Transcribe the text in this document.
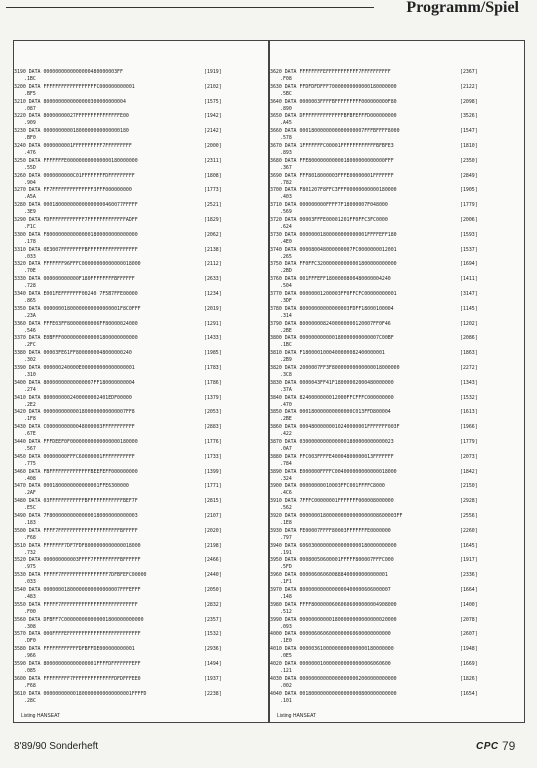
Programm/Spiel
Listing HANSEAT
3190 DATA 0000000000000000480000003FF	[1919]
.1BC
3200 DATA FFFFFFFFFFFFFFFFFFC000000000001	[2102]
.BF5
3210 DATA 8000000000000000300000000004	[1575]
.087
3220 DATA 80000000027FFFFFFFFFFFFFFFE00	[1942]
.909
3230 DATA 00000000001800000000000000180	[2142]
.BF0
3240 DATA 0000000001FFFFFFFFFF7FFFFFFFFF	[2000]
.476
3250 DATA FFFFFFFE000000000000000180000000	[2311]
.55D
3260 DATA 0000000000C01FFFFFFFFDFFFFFFFFF	[1808]
.904
3270 DATA FF7FFFFFFFFFFFFFF3FFF000000000	[1773]
.A5A
3280 DATA 000180000000000000000460077FFFFF	[2521]
.3E9
3290 DATA FDFFFFFFFFFFFF7FFFFFFFFFFFFFADFF	[1829]
.F1C
3300 DATA F8000000000000001800000000000000	[2062]
.178
3310 DATA 0E3007FFFFFFFFBFFFFFFFFFFFFFFFFF	[2138]
.033
3320 DATA FFFFFFF96FFFC00000000000000018000	[2112]
.70E
3330 DATA 000000000000F180FFFFFFFFBFFFFFF	[2633]
.728
3340 DATA E001FEFFFFFFF00240 7F5B7FFE00000	[1234]
.865
3350 DATA 00000001800000000000000001F8C0FFF	[2019]
.23A
3360 DATA FFFE03FF80000000006FF80000024000	[1291]
.546
3370 DATA E0BFFF00000000000001800000000000	[1433]
.2FC
3380 DATA 00003FE61FF8000000048000000240	[1985]
.302
3390 DATA 000000240000E000000000000000001	[1783]
.310
3400 DATA 80000000000000007FF180000000004	[1786]
.274
3410 DATA 8000000002400000002401EDF00000	[1379]
.2E2
3420 DATA 0000000000001800000000000007FF8	[2053]
.1F8
3430 DATA C0000000000048000003FFFFFFFFFFF	[2883]
.67E
3440 DATA FFFDEEF0F00000000000000000180000	[1776]
.567
3450 DATA 00000000FFFC60000001FFFFFFFFFFF	[1733]
.775
3460 DATA FBFFFFFFFFFFFFFFBEEFEFF000000000	[1399]
.408
3470 DATA 0001800000000000001FFE6300000	[1771]
.2AF
3480 DATA 03FFFFFFFFFFFFBFFFFFFFFFFFFBEF7F	[2815]
.E5C
3490 DATA 7F800000000000000180000000000003	[2107]
.183
3500 DATA FFFF7FFFFFFFFFFFFFFFFFFFFFBFFFFF	[2020]
.F68
3510 DATA FFFFFFF7DF7FDF8000000000000018000	[2198]
.732
3520 DATA 000000000003FFFF7FFFFFFFFFBFFFFFF	[2466]
.975
3530 DATA FFFFF7FFFFFFFFFFFFFFFF7DFBFEFC00000	[2440]
.033
3540 DATA 00000001800000000000000007FFFEFFF	[2050]
.483
3550 DATA FFFFF7FFFFFFFFFFFFFFFFFFFFFFFFFF	[2832]
.F00
3560 DATA DFBFF7C000000000000001800000000000	[2357]
.308
3570 DATA 000FFFFEFFFFFFFFFFFFFFFFFFFFFFFFF	[1532]
.DF0
3580 DATA FFFFFFFFFFFFDFBFFDE000000000001	[2936]
.966
3590 DATA 800000000000000001FFFFDFFFFFFFEFF	[1494]
.085
3600 DATA FFFFFFFFF7FFFFFFFFFFFFFFDFDFFFEE0	[1937]
.F68
3610 DATA 000000000001800000000000000001FFFFD	[2238]
.28C
Listing HANSEAT
3620 DATA FFFFFFFFEFFFFFFFFFFF7FFFFFFFFFF	[2367]
.F08
3630 DATA FFDFDFDFFF70000000000000180000000	[2122]
.5BC
3640 DATA 0000003FFFFBFFFFFFFFF000000000F80	[2098]
.890
3650 DATA DFFFFFFFFFFFFFFBFBFEFFFD000000000	[3526]
.A45
3660 DATA 0001800000000000000007FFFBFFFF8000	[1547]
.578
3670 DATA 1FFFFFFFC00001FFFFFFFFFFFFBFBFE3	[1810]
.893
3680 DATA FFE80000000000018000000000000FFF	[2350]
.367
3690 DATA FFF8018000003FFFE00000001FFFFFFF	[2849]
.782
3700 DATA F801207F8FFC3FFF00000000000180000	[1905]
.403
3710 DATA 000000000FFFF7F18000007F048000	[1779]
.569
3720 DATA 00003FFFE00001201FF0FFC3FC0000	[2006]
.624
3730 DATA 00000001800000000000001FFFFEFF180	[1593]
.4E0
3740 DATA 000080048000000007FC0000000012001	[1537]
.265
3750 DATA FF0FFC320000000000001800000000000	[1694]
.2BD
3760 DATA 001FFFEFF1800000800480000004240	[1411]
.504
3770 DATA 00000001200003FF0FFCFC00000000001	[3147]
.3DF
3780 DATA 80000000000000003FDFF18000100004	[1145]
.314
3790 DATA 8000000082400000000120007FF0F46	[1202]
.2BE
3800 DATA 000000000000180000000000007C00BF	[2086]
.1BC
3810 DATA F1800001000400000082400000001	[1863]
.2B9
3820 DATA 2000007FF3F80000000000000018000000	[2272]
.3C8
3830 DATA 0000043FF41F18000002000480000000	[1343]
.37A
3840 DATA 8240000000012000FFCFFFC000000000	[1532]
.470
3850 DATA 000180000000000000C013FFD800004	[1613]
.2BE
3860 DATA 00048000000010240000001FFFFFFF003F	[1966]
.422
3870 DATA 03000000000000001800000000000023	[1779]
.0A7
3880 DATA FFC003FFFFE40004800000013FFFFFFF	[2073]
.784
3890 DATA E000000FFFFC004000000000000018000	[1842]
.324
3900 DATA 00000000010003FFC001FFFFC8000	[2150]
.4C6
3910 DATA 7FFFC00000001FFFFFFF000008000000	[2928]
.562
3920 DATA 000000018000000000000000008600003FF	[2556]
.1E8
3930 DATA FE00007FFFF80003FFFFFFFE0000000	[2260]
.797
3940 DATA 606030000000000000000180000000000	[1645]
.191
3950 DATA 00080050600001FFFFF800007FFFC000	[1917]
.5FD
3960 DATA 000006060600888400000000000001	[2336]
.1F1
3970 DATA 8000000000000000400000606000007	[1664]
.148
3980 DATA FFFF80000006060606000000004908000	[1400]
.512
3990 DATA 000000000001800000000000000020000	[2078]
.093
4000 DATA 0000060606000000060600000000000	[2607]
.1E0
4010 DATA 00000361000000000000000180000000	[1948]
.0E5
4020 DATA 0000000100000000000000006060600	[1669]
.121
4030 DATA 000000000000000000002000000000000	[1826]
.002
4040 DATA 001800000000000000000800000000000	[1654]
.101
8'89/90 Sonderheft	CPC 79
